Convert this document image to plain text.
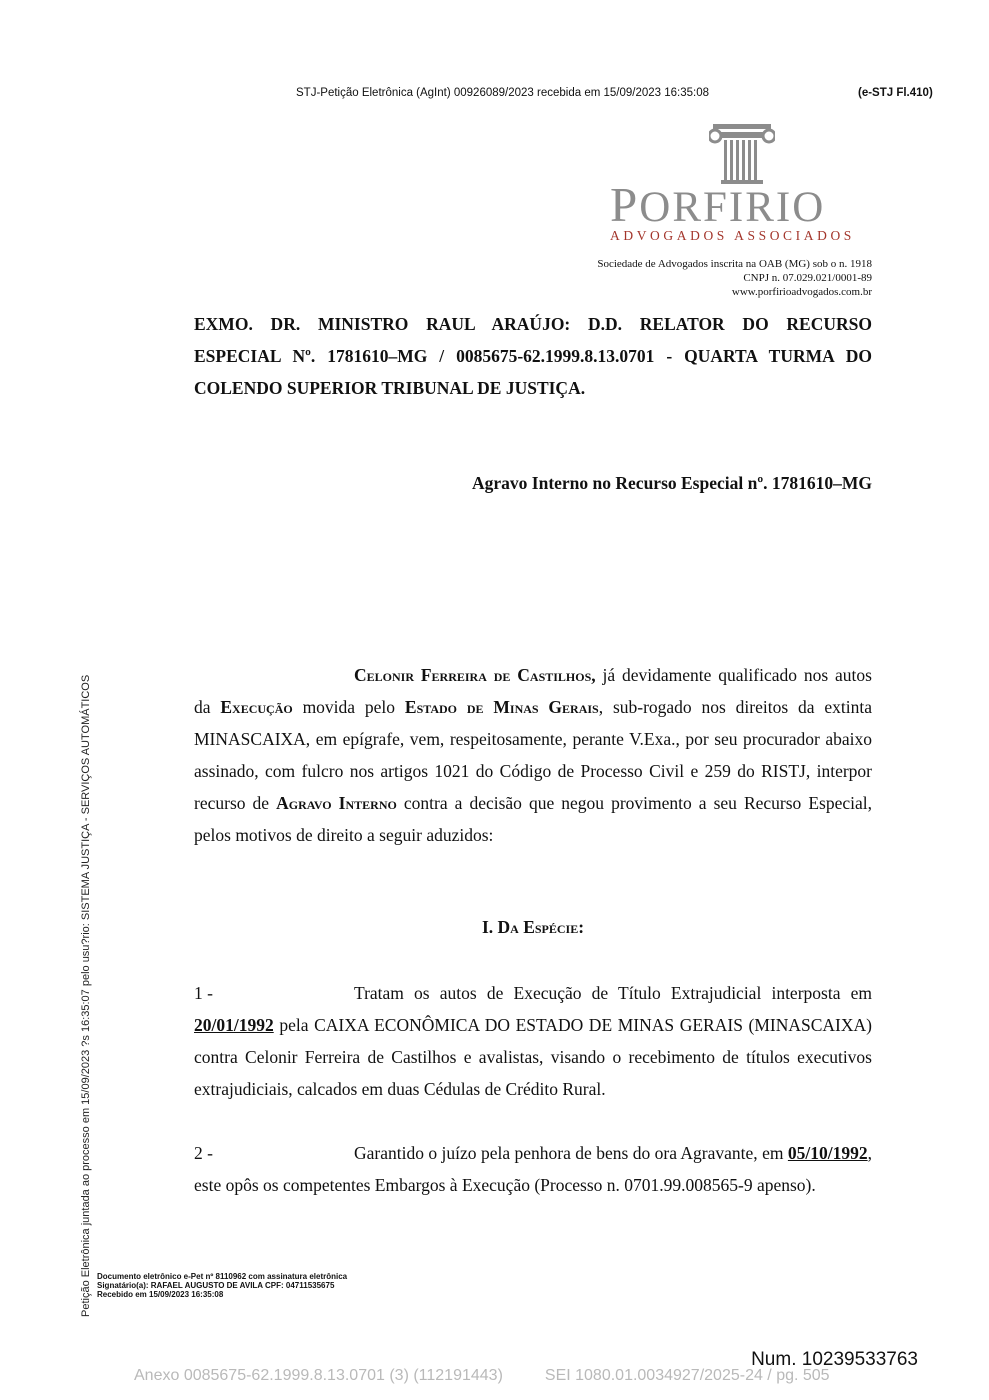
STJ-Petição Eletrônica (AgInt) 00926089/2023 recebida em 15/09/2023 16:35:08	(e-STJ Fl.410)
PORFIRIO
ADVOGADOS ASSOCIADOS
Sociedade de Advogados inscrita na OAB (MG) sob o n. 1918
CNPJ n. 07.029.021/0001-89
www.porfirioadvogados.com.br
EXMO. DR. MINISTRO RAUL ARAÚJO: D.D. RELATOR DO RECURSO
ESPECIAL Nº. 1781610–MG / 0085675-62.1999.8.13.0701 - QUARTA TURMA DO
COLENDO SUPERIOR TRIBUNAL DE JUSTIÇA.
Agravo Interno no Recurso Especial nº. 1781610–MG
Celonir Ferreira de Castilhos, já devidamente qualificado nos autos da Execução movida pelo Estado de Minas Gerais, sub-rogado nos direitos da extinta MINASCAIXA, em epígrafe, vem, respeitosamente, perante V.Exa., por seu procurador abaixo assinado, com fulcro nos artigos 1021 do Código de Processo Civil e 259 do RISTJ, interpor recurso de Agravo Interno contra a decisão que negou provimento a seu Recurso Especial, pelos motivos de direito a seguir aduzidos:
I. Da Espécie:
1 -	Tratam os autos de Execução de Título Extrajudicial interposta em 20/01/1992 pela CAIXA ECONÔMICA DO ESTADO DE MINAS GERAIS (MINASCAIXA) contra Celonir Ferreira de Castilhos e avalistas, visando o recebimento de títulos executivos extrajudiciais, calcados em duas Cédulas de Crédito Rural.
2 -	Garantido o juízo pela penhora de bens do ora Agravante, em 05/10/1992, este opôs os competentes Embargos à Execução (Processo n. 0701.99.008565-9 apenso).
Petição Eletrônica juntada ao processo em 15/09/2023 ?s 16:35:07 pelo usu?rio: SISTEMA JUSTIÇA - SERVIÇOS AUTOMÁTICOS Documento eletrônico e-Pet nº 8110962 com assinatura eletrônica
Signatário(a): RAFAEL AUGUSTO DE AVILA CPF: 04711535675
Recebido em 15/09/2023 16:35:08
Num. 10239533763
Anexo 0085675-62.1999.8.13.0701 (3) (112191443)	SEI 1080.01.0034927/2025-24 / pg. 505
